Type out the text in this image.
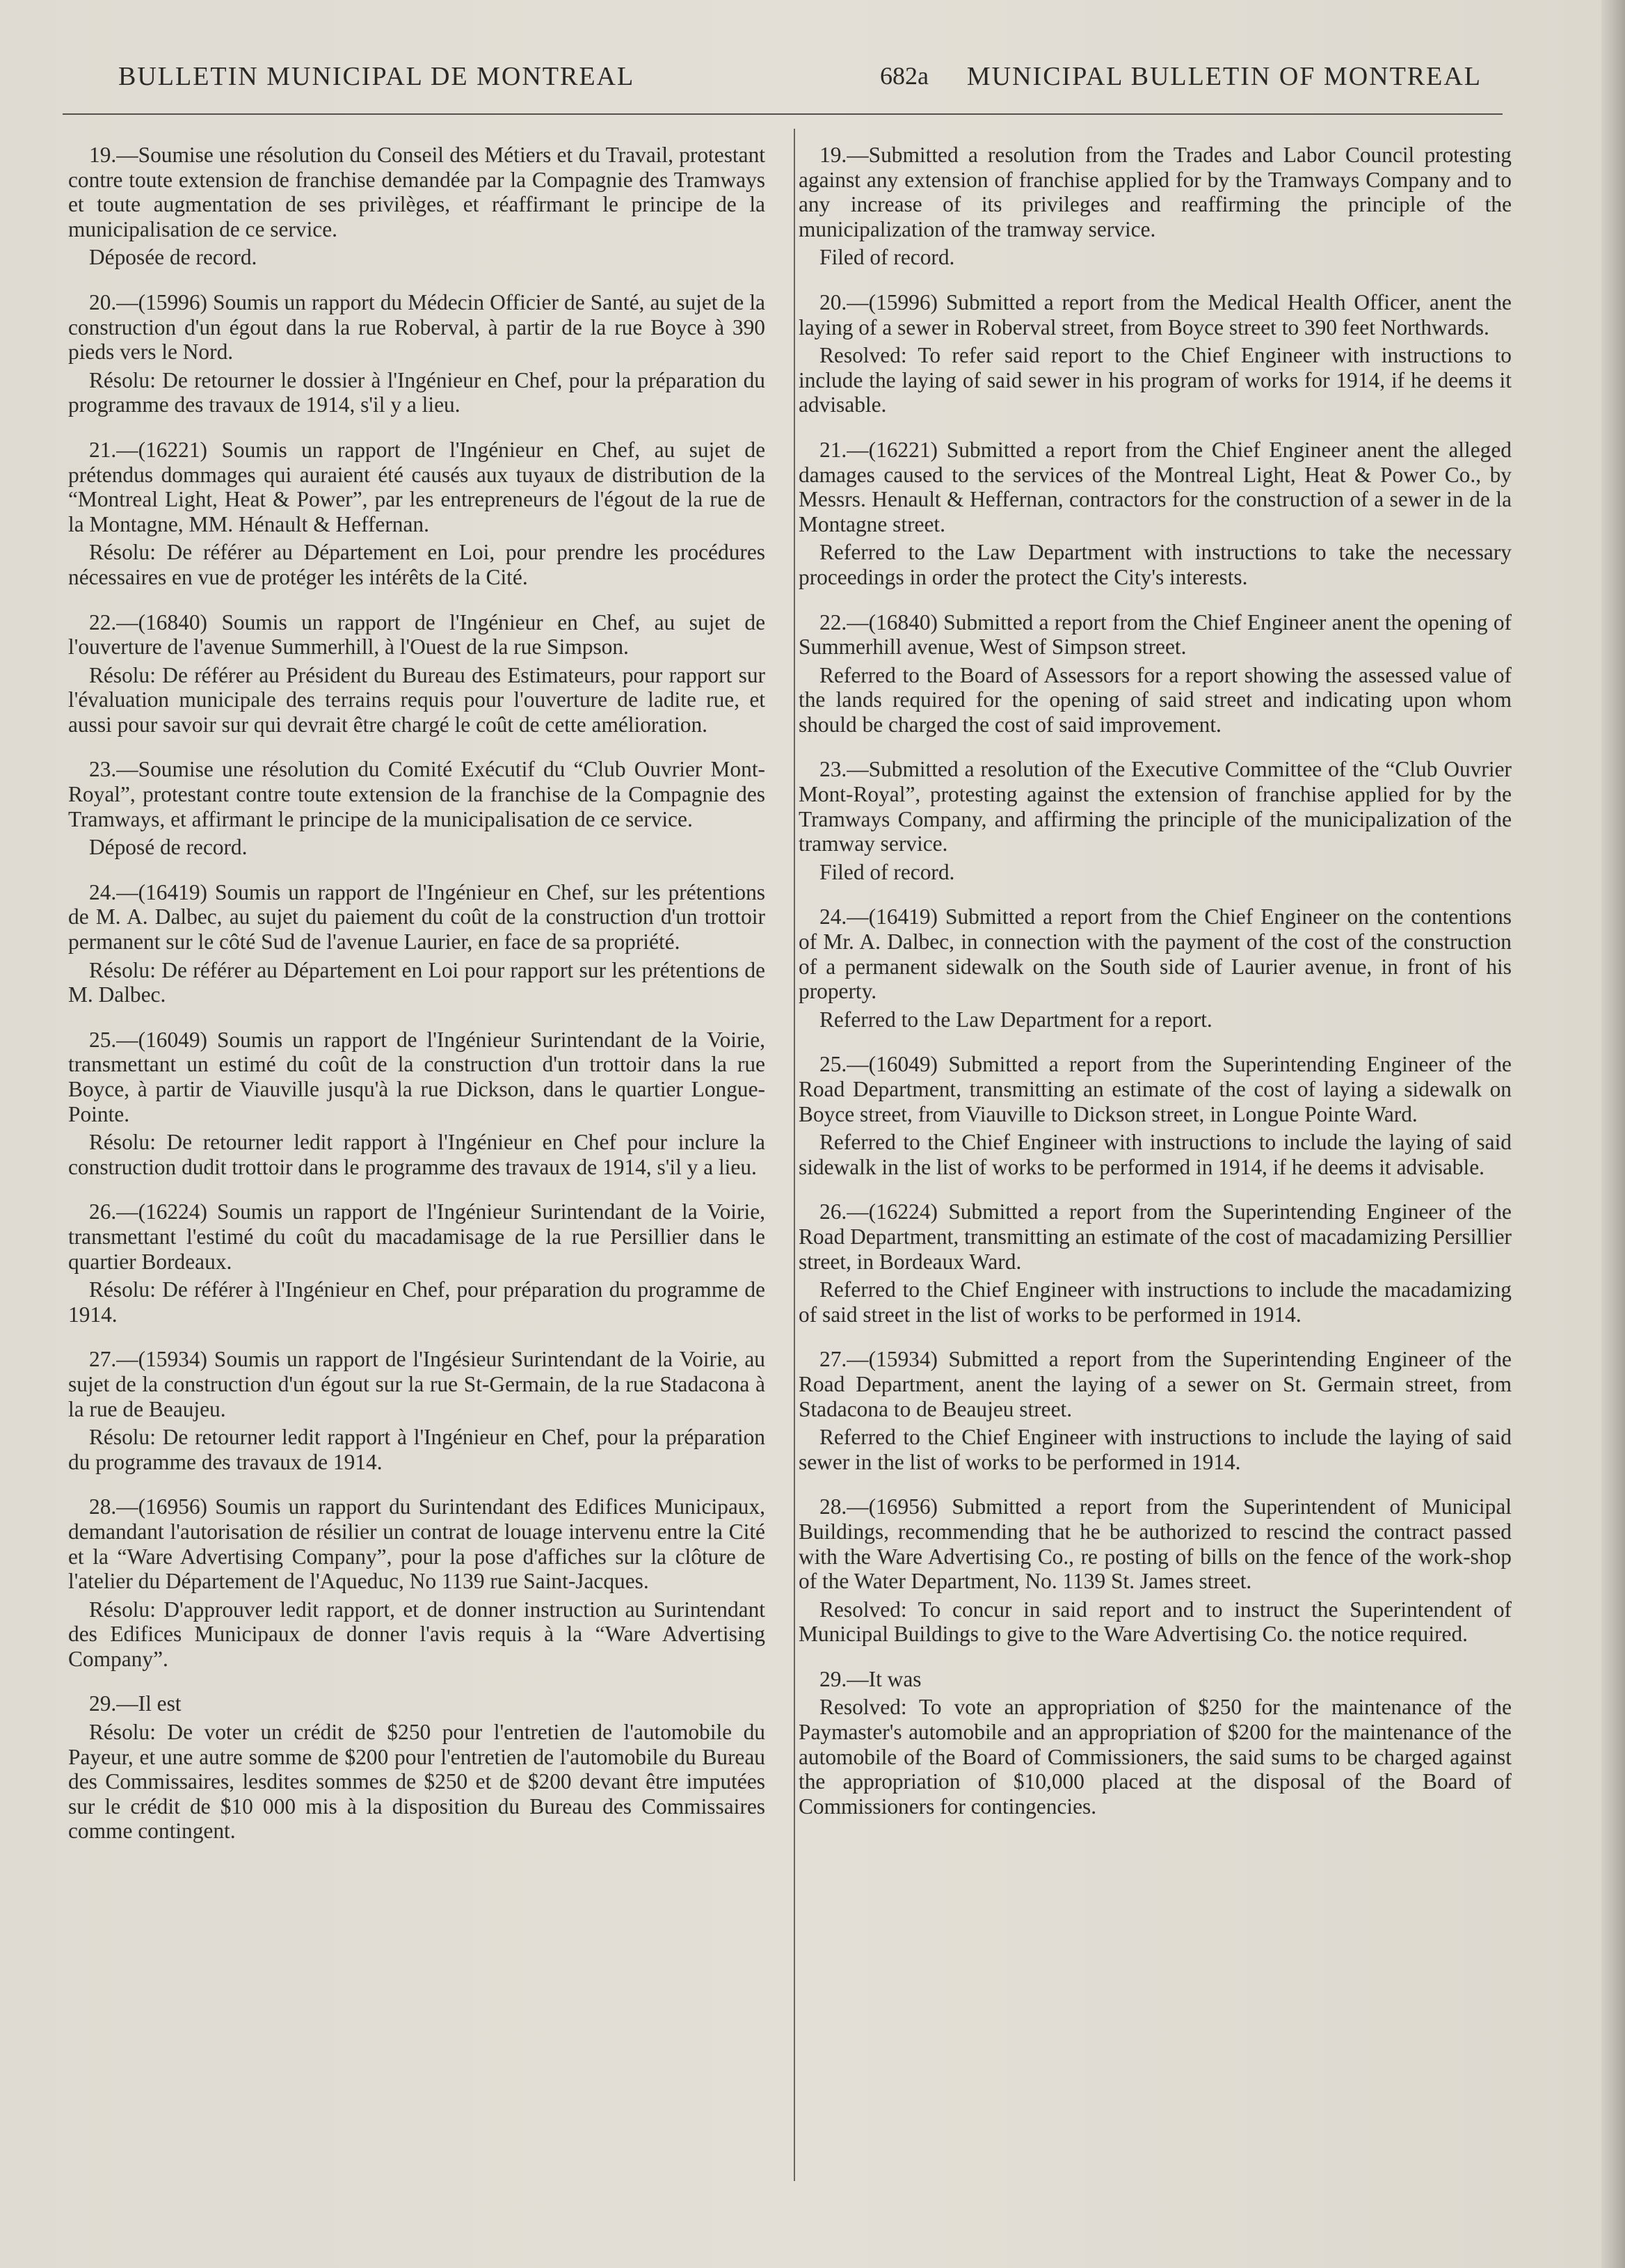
BULLETIN MUNICIPAL DE MONTREAL	682a MUNICIPAL BULLETIN OF MONTREAL

19.—Soumise une résolution du Conseil des Métiers et du Travail, protestant contre toute extension de franchise demandée par la Compagnie des Tramways et toute augmentation de ses privilèges, et réaffirmant le principe de la municipalisation de ce service.

Déposée de record.

20.—(15996) Soumis un rapport du Médecin Officier de Santé, au sujet de la construction d'un égout dans la rue Roberval, à partir de la rue Boyce à 390 pieds vers le Nord.

Résolu: De retourner le dossier à l'Ingénieur en Chef, pour la préparation du programme des travaux de 1914, s'il y a lieu.

21.—(16221) Soumis un rapport de l'Ingénieur en Chef, au sujet de prétendus dommages qui auraient été causés aux tuyaux de distribution de la “Montreal Light, Heat & Power”, par les entrepreneurs de l'égout de la rue de la Montagne, MM. Hénault & Heffernan.

Résolu: De référer au Département en Loi, pour prendre les procédures nécessaires en vue de protéger les intérêts de la Cité.

22.—(16840) Soumis un rapport de l'Ingénieur en Chef, au sujet de l'ouverture de l'avenue Summerhill, à l'Ouest de la rue Simpson.

Résolu: De référer au Président du Bureau des Estimateurs, pour rapport sur l'évaluation municipale des terrains requis pour l'ouverture de ladite rue, et aussi pour savoir sur qui devrait être chargé le coût de cette amélioration.

23.—Soumise une résolution du Comité Exécutif du “Club Ouvrier Mont-Royal”, protestant contre toute extension de la franchise de la Compagnie des Tramways, et affirmant le principe de la municipalisation de ce service.

Déposé de record.

24.—(16419) Soumis un rapport de l'Ingénieur en Chef, sur les prétentions de M. A. Dalbec, au sujet du paiement du coût de la construction d'un trottoir permanent sur le côté Sud de l'avenue Laurier, en face de sa propriété.

Résolu: De référer au Département en Loi pour rapport sur les prétentions de M. Dalbec.

25.—(16049) Soumis un rapport de l'Ingénieur Surintendant de la Voirie, transmettant un estimé du coût de la construction d'un trottoir dans la rue Boyce, à partir de Viauville jusqu'à la rue Dickson, dans le quartier Longue-Pointe.

Résolu: De retourner ledit rapport à l'Ingénieur en Chef pour inclure la construction dudit trottoir dans le programme des travaux de 1914, s'il y a lieu.

26.—(16224) Soumis un rapport de l'Ingénieur Surintendant de la Voirie, transmettant l'estimé du coût du macadamisage de la rue Persillier dans le quartier Bordeaux.

Résolu: De référer à l'Ingénieur en Chef, pour préparation du programme de 1914.

27.—(15934) Soumis un rapport de l'Ingésieur Surintendant de la Voirie, au sujet de la construction d'un égout sur la rue St-Germain, de la rue Stadacona à la rue de Beaujeu.

Résolu: De retourner ledit rapport à l'Ingénieur en Chef, pour la préparation du programme des travaux de 1914.

28.—(16956) Soumis un rapport du Surintendant des Edifices Municipaux, demandant l'autorisation de résilier un contrat de louage intervenu entre la Cité et la “Ware Advertising Company”, pour la pose d'affiches sur la clôture de l'atelier du Département de l'Aqueduc, No 1139 rue Saint-Jacques.

Résolu: D'approuver ledit rapport, et de donner instruction au Surintendant des Edifices Municipaux de donner l'avis requis à la “Ware Advertising Company”.

29.—Il est

Résolu: De voter un crédit de $250 pour l'entretien de l'automobile du Payeur, et une autre somme de $200 pour l'entretien de l'automobile du Bureau des Commissaires, lesdites sommes de $250 et de $200 devant être imputées sur le crédit de $10 000 mis à la disposition du Bureau des Commissaires comme contingent.

19.—Submitted a resolution from the Trades and Labor Council protesting against any extension of franchise applied for by the Tramways Company and to any increase of its privileges and reaffirming the principle of the municipalization of the tramway service.

Filed of record.

20.—(15996) Submitted a report from the Medical Health Officer, anent the laying of a sewer in Roberval street, from Boyce street to 390 feet Northwards.

Resolved: To refer said report to the Chief Engineer with instructions to include the laying of said sewer in his program of works for 1914, if he deems it advisable.

21.—(16221) Submitted a report from the Chief Engineer anent the alleged damages caused to the services of the Montreal Light, Heat & Power Co., by Messrs. Henault & Heffernan, contractors for the construction of a sewer in de la Montagne street.

Referred to the Law Department with instructions to take the necessary proceedings in order the protect the City's interests.

22.—(16840) Submitted a report from the Chief Engineer anent the opening of Summerhill avenue, West of Simpson street.

Referred to the Board of Assessors for a report showing the assessed value of the lands required for the opening of said street and indicating upon whom should be charged the cost of said improvement.

23.—Submitted a resolution of the Executive Committee of the “Club Ouvrier Mont-Royal”, protesting against the extension of franchise applied for by the Tramways Company, and affirming the principle of the municipalization of the tramway service.

Filed of record.

24.—(16419) Submitted a report from the Chief Engineer on the contentions of Mr. A. Dalbec, in connection with the payment of the cost of the construction of a permanent sidewalk on the South side of Laurier avenue, in front of his property.

Referred to the Law Department for a report.

25.—(16049) Submitted a report from the Superintending Engineer of the Road Department, transmitting an estimate of the cost of laying a sidewalk on Boyce street, from Viauville to Dickson street, in Longue Pointe Ward.

Referred to the Chief Engineer with instructions to include the laying of said sidewalk in the list of works to be performed in 1914, if he deems it advisable.

26.—(16224) Submitted a report from the Superintending Engineer of the Road Department, transmitting an estimate of the cost of macadamizing Persillier street, in Bordeaux Ward.

Referred to the Chief Engineer with instructions to include the macadamizing of said street in the list of works to be performed in 1914.

27.—(15934) Submitted a report from the Superintending Engineer of the Road Department, anent the laying of a sewer on St. Germain street, from Stadacona to de Beaujeu street.

Referred to the Chief Engineer with instructions to include the laying of said sewer in the list of works to be performed in 1914.

28.—(16956) Submitted a report from the Superintendent of Municipal Buildings, recommending that he be authorized to rescind the contract passed with the Ware Advertising Co., re posting of bills on the fence of the work-shop of the Water Department, No. 1139 St. James street.

Resolved: To concur in said report and to instruct the Superintendent of Municipal Buildings to give to the Ware Advertising Co. the notice required.

29.—It was

Resolved: To vote an appropriation of $250 for the maintenance of the Paymaster's automobile and an appropriation of $200 for the maintenance of the automobile of the Board of Commissioners, the said sums to be charged against the appropriation of $10,000 placed at the disposal of the Board of Commissioners for contingencies.
